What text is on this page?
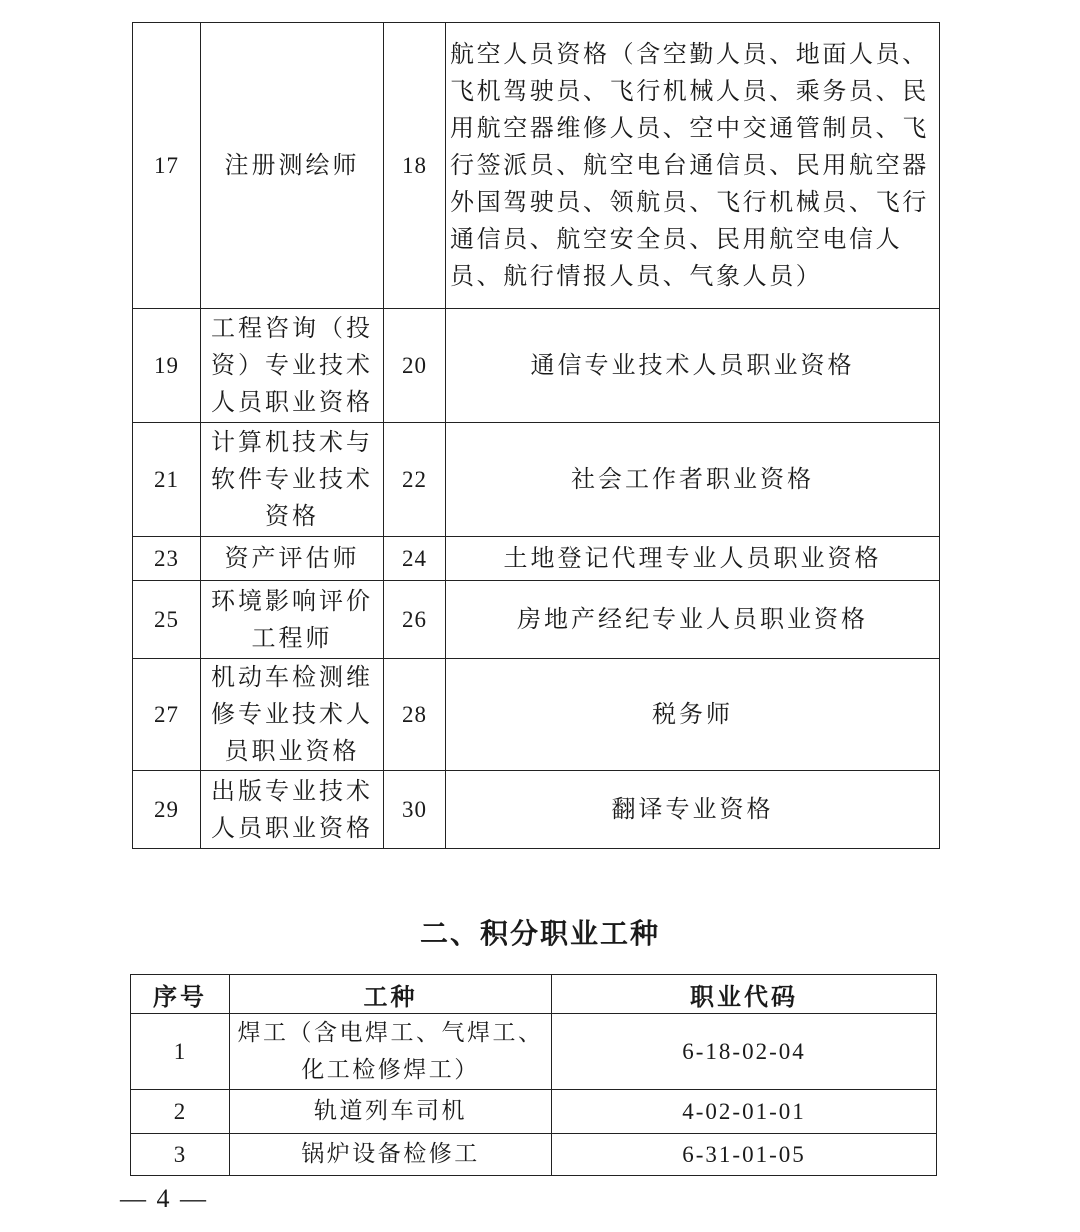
17	注册测绘师	18	航空人员资格（含空勤人员、地面人员、飞机驾驶员、飞行机械人员、乘务员、民用航空器维修人员、空中交通管制员、飞行签派员、航空电台通信员、民用航空器外国驾驶员、领航员、飞行机械员、飞行通信员、航空安全员、民用航空电信人员、航行情报人员、气象人员）
19	工程咨询（投资）专业技术人员职业资格	20	通信专业技术人员职业资格
21	计算机技术与软件专业技术资格	22	社会工作者职业资格
23	资产评估师	24	土地登记代理专业人员职业资格
25	环境影响评价工程师	26	房地产经纪专业人员职业资格
27	机动车检测维修专业技术人员职业资格	28	税务师
29	出版专业技术人员职业资格	30	翻译专业资格
二、积分职业工种
序号	工种	职业代码
1	焊工（含电焊工、气焊工、化工检修焊工）	6-18-02-04
2	轨道列车司机	4-02-01-01
3	锅炉设备检修工	6-31-01-05
— 4 —
